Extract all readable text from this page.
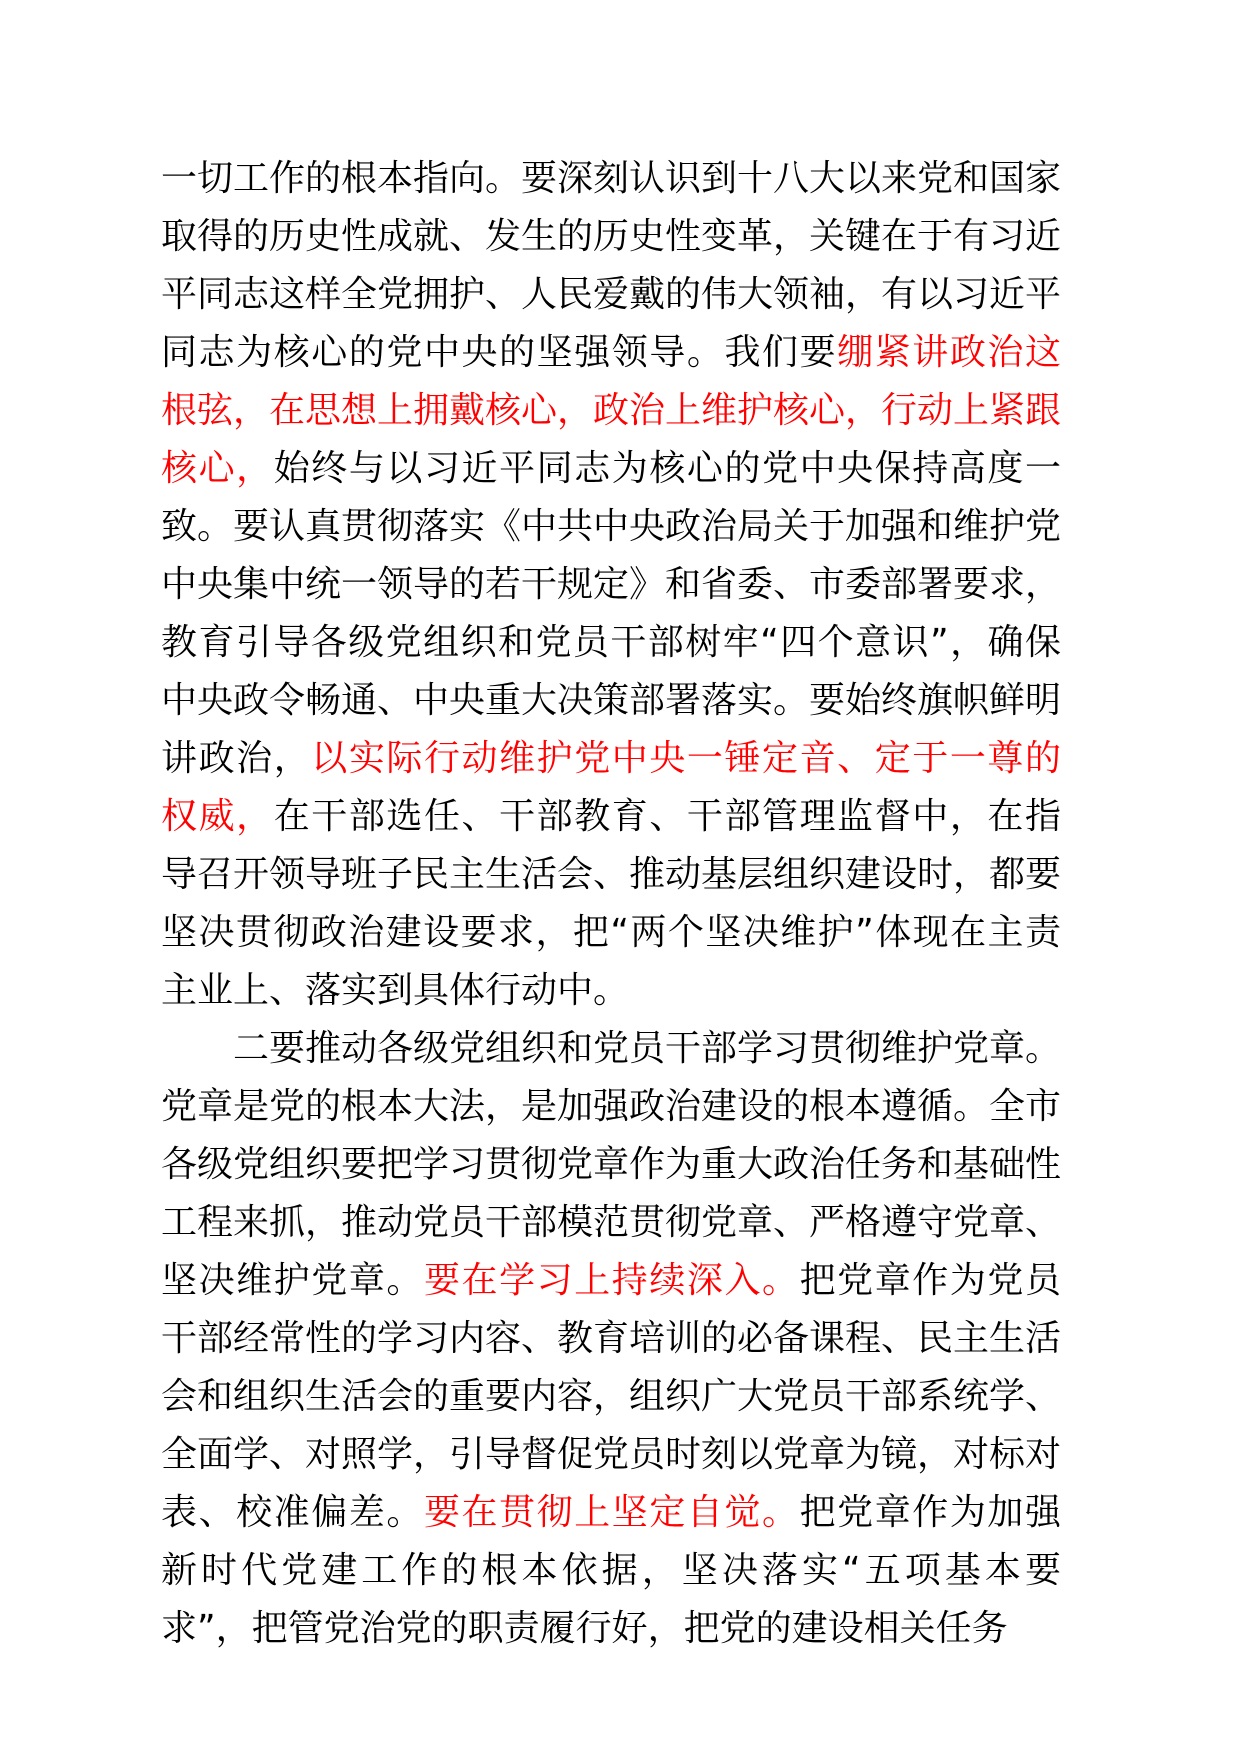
一切工作的根本指向。要深刻认识到十八大以来党和国家取得的历史性成就、发生的历史性变革，关键在于有习近平同志这样全党拥护、人民爱戴的伟大领袖，有以习近平同志为核心的党中央的坚强领导。我们要绷紧讲政治这根弦，在思想上拥戴核心，政治上维护核心，行动上紧跟核心，始终与以习近平同志为核心的党中央保持高度一致。要认真贯彻落实《中共中央政治局关于加强和维护党中央集中统一领导的若干规定》和省委、市委部署要求，教育引导各级党组织和党员干部树牢“四个意识”，确保中央政令畅通、中央重大决策部署落实。要始终旗帜鲜明讲政治，以实际行动维护党中央一锤定音、定于一尊的权威，在干部选任、干部教育、干部管理监督中，在指导召开领导班子民主生活会、推动基层组织建设时，都要坚决贯彻政治建设要求，把“两个坚决维护”体现在主责主业上、落实到具体行动中。

二要推动各级党组织和党员干部学习贯彻维护党章。党章是党的根本大法，是加强政治建设的根本遵循。全市各级党组织要把学习贯彻党章作为重大政治任务和基础性工程来抓，推动党员干部模范贯彻党章、严格遵守党章、坚决维护党章。要在学习上持续深入。把党章作为党员干部经常性的学习内容、教育培训的必备课程、民主生活会和组织生活会的重要内容，组织广大党员干部系统学、全面学、对照学，引导督促党员时刻以党章为镜，对标对表、校准偏差。要在贯彻上坚定自觉。把党章作为加强新时代党建工作的根本依据，坚决落实“五项基本要求”，把管党治党的职责履行好，把党的建设相关任务
